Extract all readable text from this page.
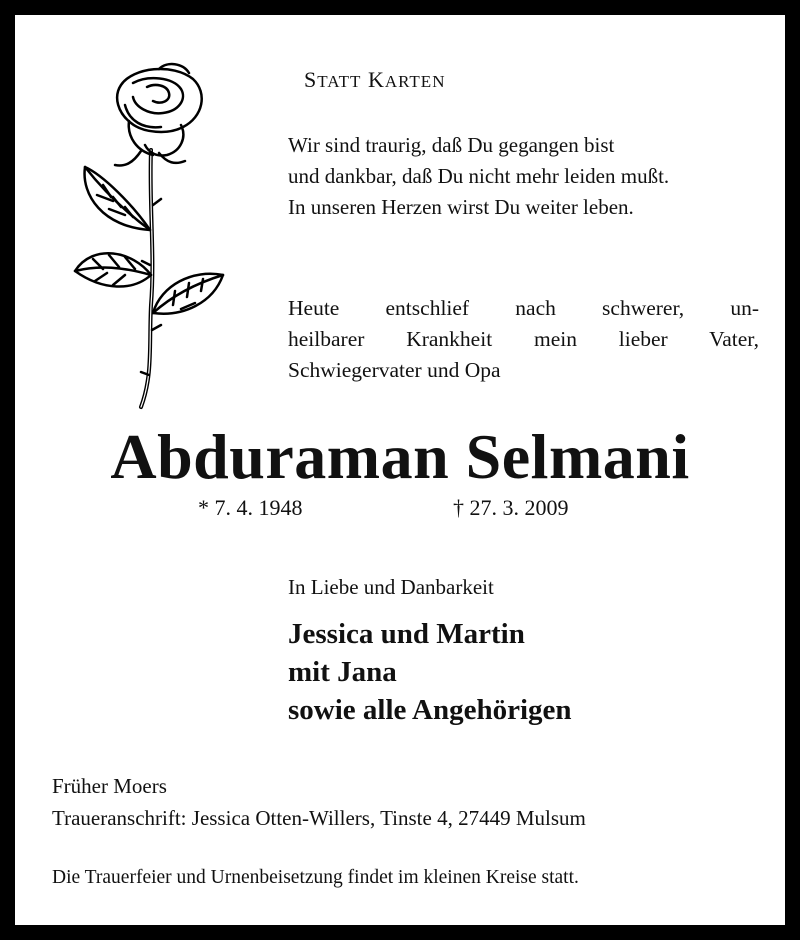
STATT KARTEN

Wir sind traurig, daß Du gegangen bist
und dankbar, daß Du nicht mehr leiden mußt.
In unseren Herzen wirst Du weiter leben.

Heute entschlief nach schwerer, un-
heilbarer Krankheit mein lieber Vater,
Schwiegervater und Opa

Abduraman Selmani

* 7. 4. 1948	† 27. 3. 2009

In Liebe und Danbarkeit

Jessica und Martin
mit Jana
sowie alle Angehörigen

Früher Moers
Traueranschrift: Jessica Otten-Willers, Tinste 4, 27449 Mulsum

Die Trauerfeier und Urnenbeisetzung findet im kleinen Kreise statt.
